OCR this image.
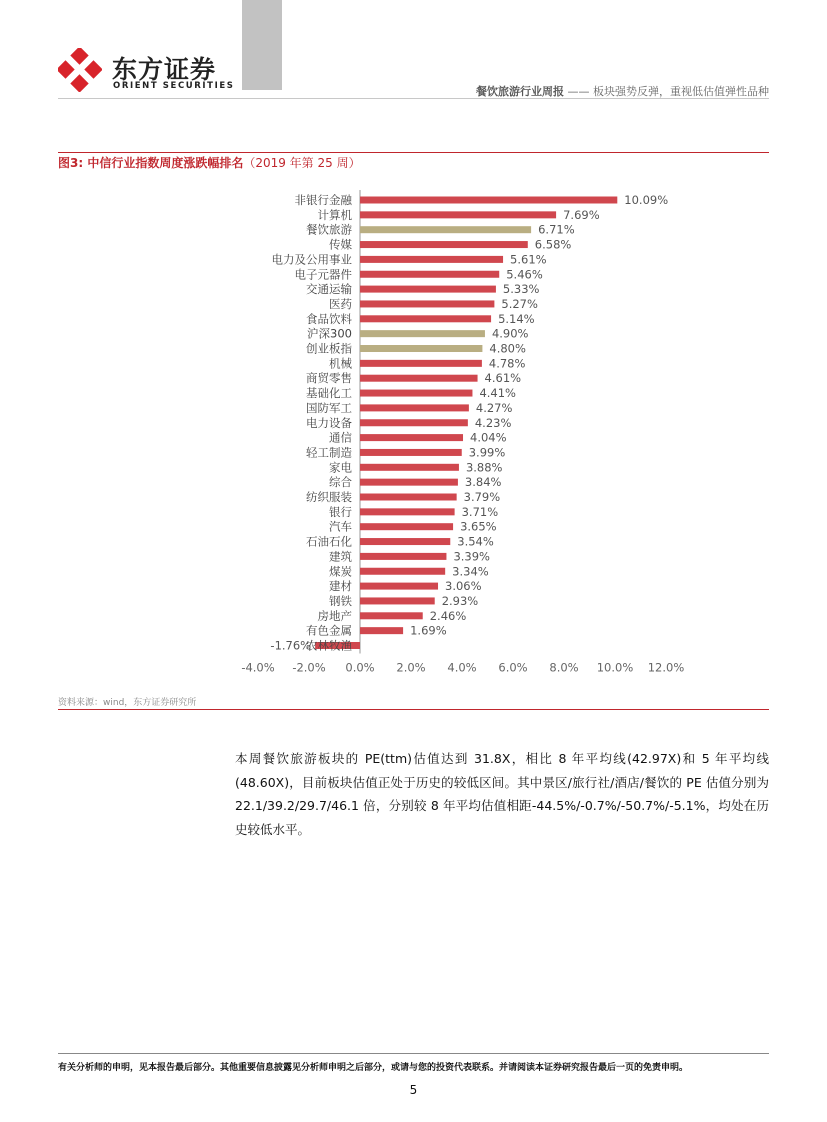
东方证券
ORIENT SECURITIES	餐饮旅游行业周报 —— 板块强势反弹，重视低估值弹性品种
图3: 中信行业指数周度涨跌幅排名（2019 年第 25 周）
非银行金融	10.09%
计算机	7.69%
餐饮旅游	6.71%
传媒	6.58%
电力及公用事业	5.61%
电子元器件	5.46%
交通运输	5.33%
医药	5.27%
食品饮料	5.14%
沪深300	4.90%
创业板指	4.80%
机械	4.78%
商贸零售	4.61%
基础化工	4.41%
国防军工	4.27%
电力设备	4.23%
通信	4.04%
轻工制造	3.99%
家电	3.88%
综合	3.84%
纺织服装	3.79%
银行	3.71%
汽车	3.65%
石油石化	3.54%
建筑	3.39%
煤炭	3.34%
建材	3.06%
钢铁	2.93%
房地产	2.46%
有色金属	1.69%
农林牧渔
-1.76%
-4.0% -2.0% 0.0% 2.0% 4.0% 6.0% 8.0% 10.0% 12.0%
资料来源：wind，东方证券研究所
本周餐饮旅游板块的 PE(ttm)估值达到 31.8X，相比 8 年平均线(42.97X)和 5 年平均线(48.60X)，目前板块估值正处于历史的较低区间。其中景区/旅行社/酒店/餐饮的 PE 估值分别为 22.1/39.2/29.7/46.1 倍，分别较 8 年平均估值相距-44.5%/-0.7%/-50.7%/-5.1%，均处在历史较低水平。
有关分析师的申明，见本报告最后部分。其他重要信息披露见分析师申明之后部分，或请与您的投资代表联系。并请阅读本证券研究报告最后一页的免责申明。
5
